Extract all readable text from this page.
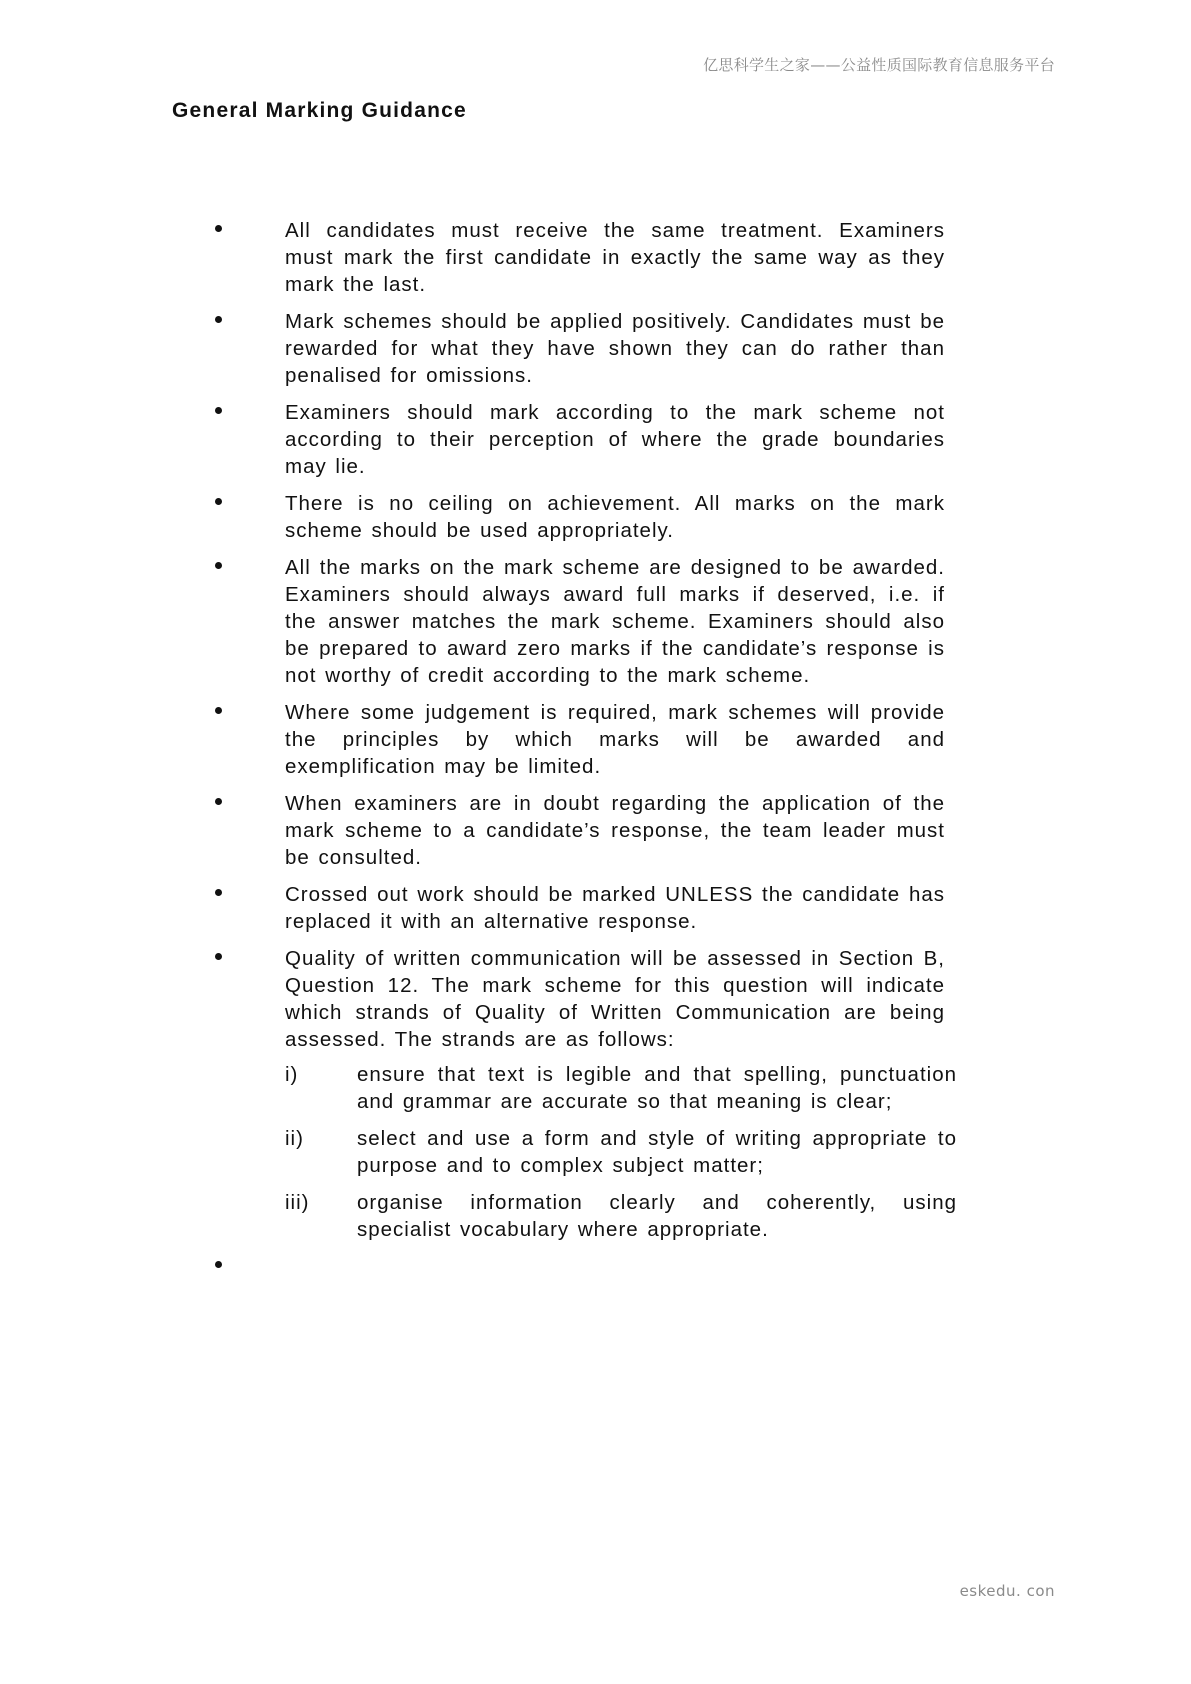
亿思科学生之家——公益性质国际教育信息服务平台
General Marking Guidance
All candidates must receive the same treatment. Examiners must mark the first candidate in exactly the same way as they mark the last.
Mark schemes should be applied positively. Candidates must be rewarded for what they have shown they can do rather than penalised for omissions.
Examiners should mark according to the mark scheme not according to their perception of where the grade boundaries may lie.
There is no ceiling on achievement. All marks on the mark scheme should be used appropriately.
All the marks on the mark scheme are designed to be awarded. Examiners should always award full marks if deserved, i.e. if the answer matches the mark scheme. Examiners should also be prepared to award zero marks if the candidate’s response is not worthy of credit according to the mark scheme.
Where some judgement is required, mark schemes will provide the principles by which marks will be awarded and exemplification may be limited.
When examiners are in doubt regarding the application of the mark scheme to a candidate’s response, the team leader must be consulted.
Crossed out work should be marked UNLESS the candidate has replaced it with an alternative response.
Quality of written communication will be assessed in Section B, Question 12. The mark scheme for this question will indicate which strands of Quality of Written Communication are being assessed. The strands are as follows:
i)	ensure that text is legible and that spelling, punctuation and grammar are accurate so that meaning is clear;
ii)	select and use a form and style of writing appropriate to purpose and to complex subject matter;
iii) organise information clearly and coherently, using specialist vocabulary where appropriate.
eskedu. con
